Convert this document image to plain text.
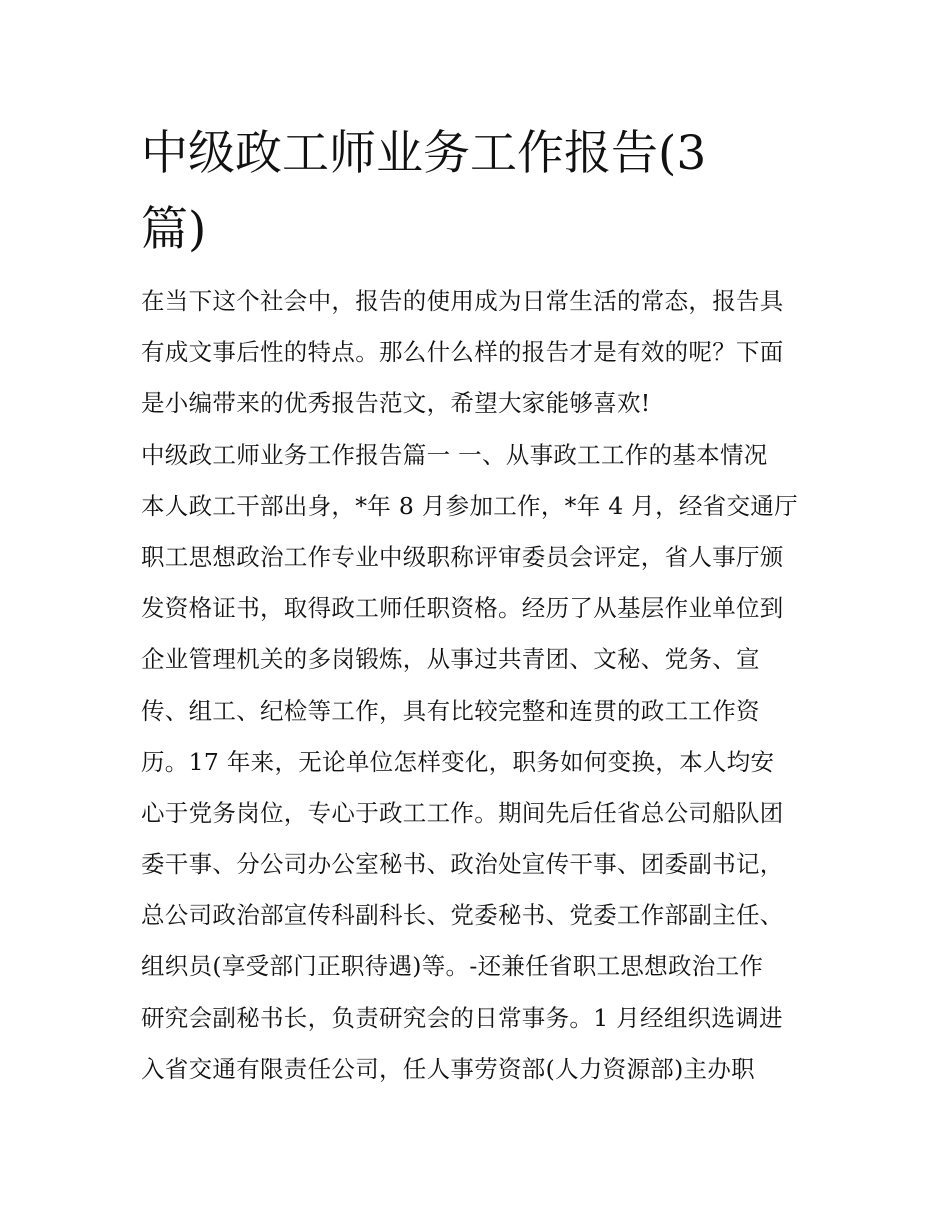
中级政工师业务工作报告(3
篇)
在当下这个社会中，报告的使用成为日常生活的常态，报告具
有成文事后性的特点。那么什么样的报告才是有效的呢？下面
是小编带来的优秀报告范文，希望大家能够喜欢!
中级政工师业务工作报告篇一 一、从事政工工作的基本情况
本人政工干部出身，*年 8 月参加工作，*年 4 月，经省交通厅
职工思想政治工作专业中级职称评审委员会评定，省人事厅颁
发资格证书，取得政工师任职资格。经历了从基层作业单位到
企业管理机关的多岗锻炼，从事过共青团、文秘、党务、宣
传、组工、纪检等工作，具有比较完整和连贯的政工工作资
历。17 年来，无论单位怎样变化，职务如何变换，本人均安
心于党务岗位，专心于政工工作。期间先后任省总公司船队团
委干事、分公司办公室秘书、政治处宣传干事、团委副书记，
总公司政治部宣传科副科长、党委秘书、党委工作部副主任、
组织员(享受部门正职待遇)等。-还兼任省职工思想政治工作
研究会副秘书长，负责研究会的日常事务。1 月经组织选调进
入省交通有限责任公司，任人事劳资部(人力资源部)主办职
